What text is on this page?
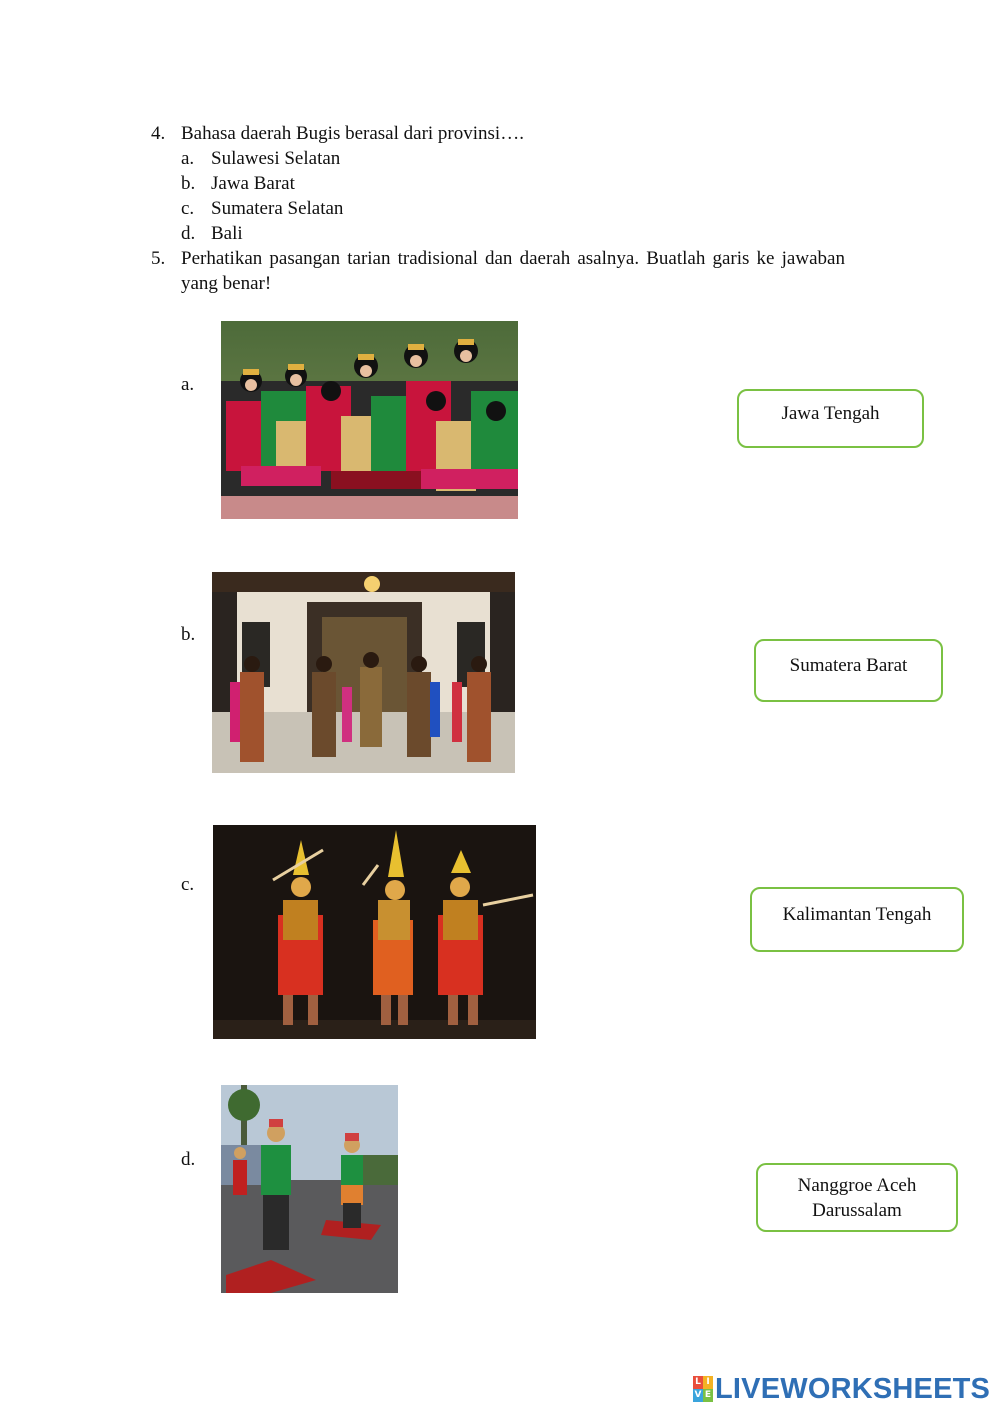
4. Bahasa daerah Bugis berasal dari provinsi….
a. Sulawesi Selatan
b. Jawa Barat
c. Sumatera Selatan
d. Bali
5. Perhatikan pasangan tarian tradisional dan daerah asalnya. Buatlah garis ke jawaban
yang benar!
a.
b.
c.
d.
Jawa Tengah
Sumatera Barat
Kalimantan Tengah
Nanggroe Aceh
Darussalam
L I
V E LIVEWORKSHEETS
